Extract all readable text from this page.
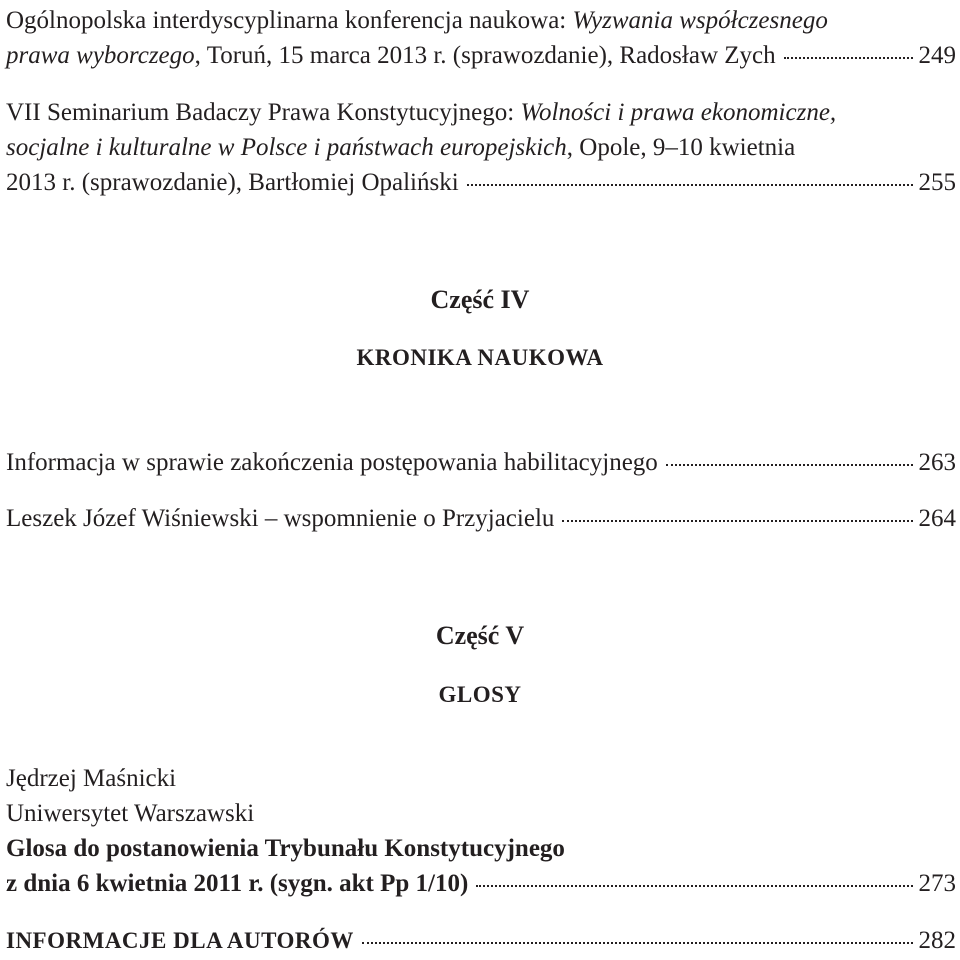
Ogólnopolska interdyscyplinarna konferencja naukowa: Wyzwania współczesnego
prawa wyborczego, Toruń, 15 marca 2013 r. (sprawozdanie), Radosław Zych	249
VII Seminarium Badaczy Prawa Konstytucyjnego: Wolności i prawa ekonomiczne,
socjalne i kulturalne w Polsce i państwach europejskich, Opole, 9–10 kwietnia
2013 r. (sprawozdanie), Bartłomiej Opaliński	255
Część IV
KRONIKA NAUKOWA
Informacja w sprawie zakończenia postępowania habilitacyjnego	263
Leszek Józef Wiśniewski – wspomnienie o Przyjacielu	264
Część V
GLOSY
Jędrzej Maśnicki
Uniwersytet Warszawski
Glosa do postanowienia Trybunału Konstytucyjnego
z dnia 6 kwietnia 2011 r. (sygn. akt Pp 1/10)	273
INFORMACJE DLA AUTORÓW	282
